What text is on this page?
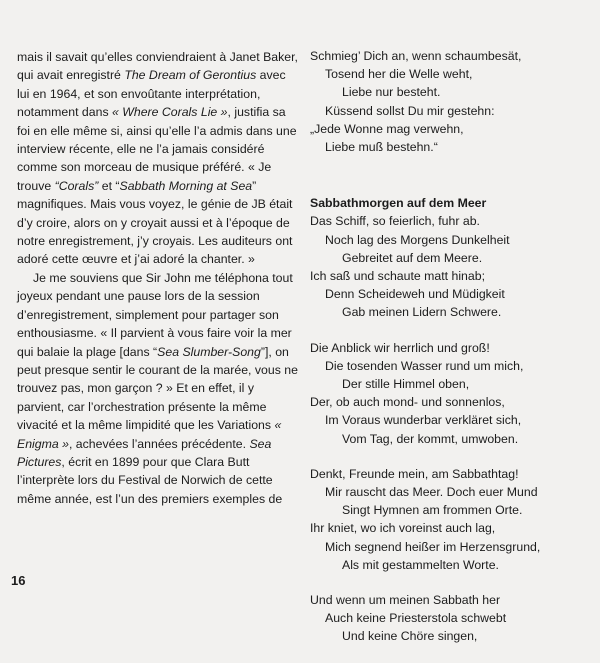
mais il savait qu’elles conviendraient à Janet Baker, qui avait enregistré The Dream of Gerontius avec lui en 1964, et son envoûtante interprétation, notamment dans « Where Corals Lie », justifia sa foi en elle même si, ainsi qu’elle l’a admis dans une interview récente, elle ne l’a jamais considéré comme son morceau de musique préféré. « Je trouve “Corals” et “Sabbath Morning at Sea” magnifiques. Mais vous voyez, le génie de JB était d’y croire, alors on y croyait aussi et à l’époque de notre enregistrement, j’y croyais. Les auditeurs ont adoré cette œuvre et j’ai adoré la chanter. »

Je me souviens que Sir John me téléphona tout joyeux pendant une pause lors de la session d’enregistrement, simplement pour partager son enthousiasme. « Il parvient à vous faire voir la mer qui balaie la plage [dans “Sea Slumber-Song”], on peut presque sentir le courant de la marée, vous ne trouvez pas, mon garçon ? » Et en effet, il y parvient, car l’orchestration présente la même vivacité et la même limpidité que les Variations « Enigma », achevées l’années précédente. Sea Pictures, écrit en 1899 pour que Clara Butt l’interprète lors du Festival de Norwich de cette même année, est l’un des premiers exemples de

Schmieg’ Dich an, wenn schaumbesät,
Tosend her die Welle weht,
Liebe nur besteht.
Küssend sollst Du mir gestehn:
„Jede Wonne mag verwehn,
Liebe muß bestehn.“
Sabbathmorgen auf dem Meer
Das Schiff, so feierlich, fuhr ab.
Noch lag des Morgens Dunkelheit
Gebreitet auf dem Meere.
Ich saß und schaute matt hinab;
Denn Scheideweh und Müdigkeit
Gab meinen Lidern Schwere.
Die Anblick wir herrlich und groß!
Die tosenden Wasser rund um mich,
Der stille Himmel oben,
Der, ob auch mond- und sonnenlos,
Im Voraus wunderbar verkläret sich,
Vom Tag, der kommt, umwoben.
Denkt, Freunde mein, am Sabbathtag!
Mir rauscht das Meer. Doch euer Mund
Singt Hymnen am frommen Orte.
Ihr kniet, wo ich voreinst auch lag,
Mich segnend heißer im Herzensgrund,
Als mit gestammelten Worte.
Und wenn um meinen Sabbath her
Auch keine Priesterstola schwebt
Und keine Chöre singen,
16
